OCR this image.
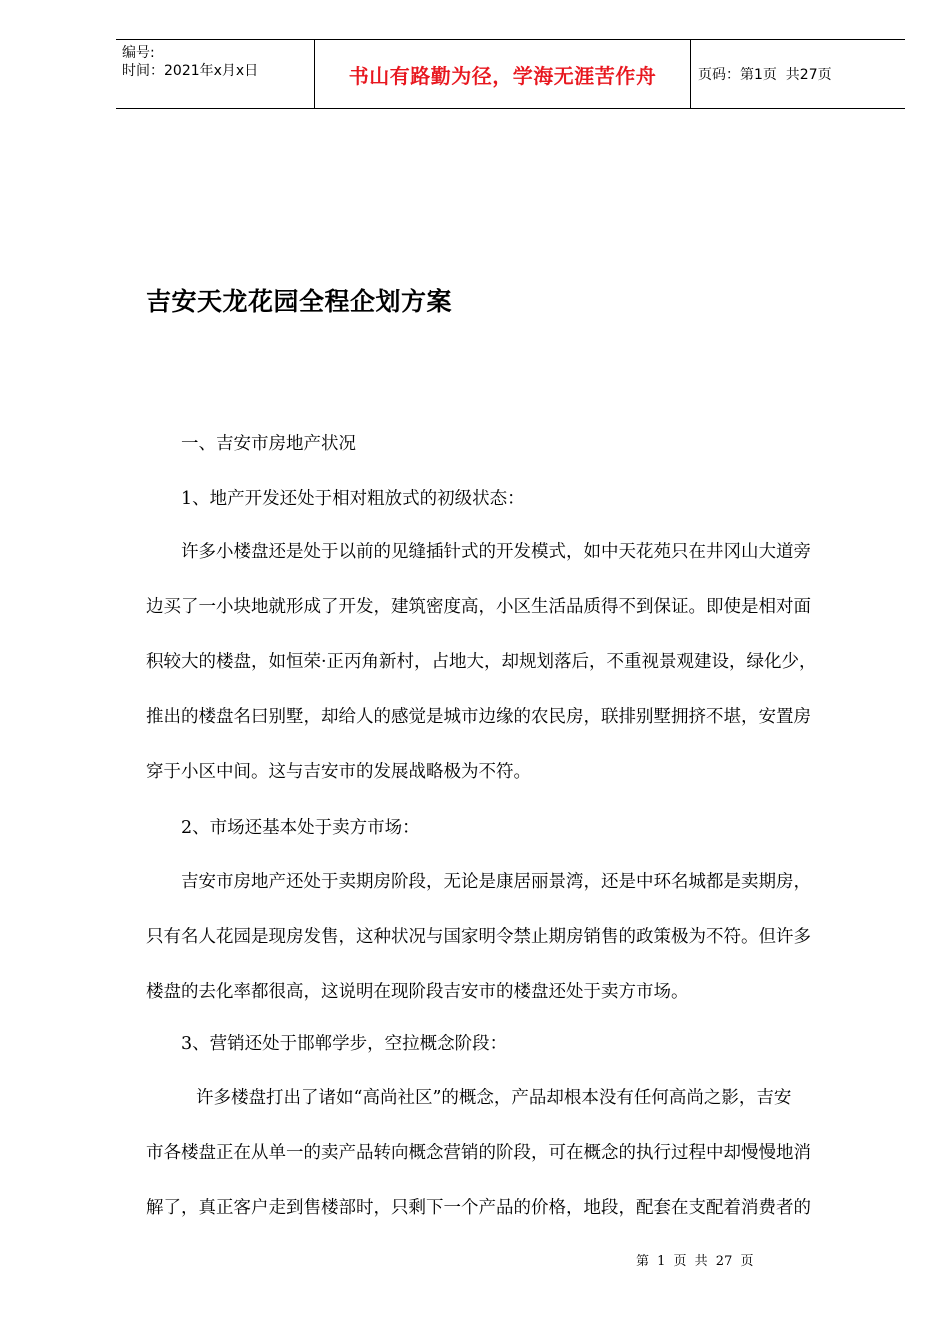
编号:
时间：2021年x月x日	书山有路勤为径，学海无涯苦作舟	页码：第1页  共27页
吉安天龙花园全程企划方案
一、吉安市房地产状况
1、地产开发还处于相对粗放式的初级状态：
许多小楼盘还是处于以前的见缝插针式的开发模式，如中天花苑只在井冈山大道旁
边买了一小块地就形成了开发，建筑密度高，小区生活品质得不到保证。即使是相对面
积较大的楼盘，如恒荣·正丙角新村，占地大，却规划落后，不重视景观建设，绿化少，
推出的楼盘名曰别墅，却给人的感觉是城市边缘的农民房，联排别墅拥挤不堪，安置房
穿于小区中间。这与吉安市的发展战略极为不符。
2、市场还基本处于卖方市场：
吉安市房地产还处于卖期房阶段，无论是康居丽景湾，还是中环名城都是卖期房，
只有名人花园是现房发售，这种状况与国家明令禁止期房销售的政策极为不符。但许多
楼盘的去化率都很高，这说明在现阶段吉安市的楼盘还处于卖方市场。
3、营销还处于邯郸学步，空拉概念阶段：
许多楼盘打出了诸如“高尚社区”的概念，产品却根本没有任何高尚之影，吉安
市各楼盘正在从单一的卖产品转向概念营销的阶段，可在概念的执行过程中却慢慢地消
解了，真正客户走到售楼部时，只剩下一个产品的价格，地段，配套在支配着消费者的
第 1 页 共 27 页
